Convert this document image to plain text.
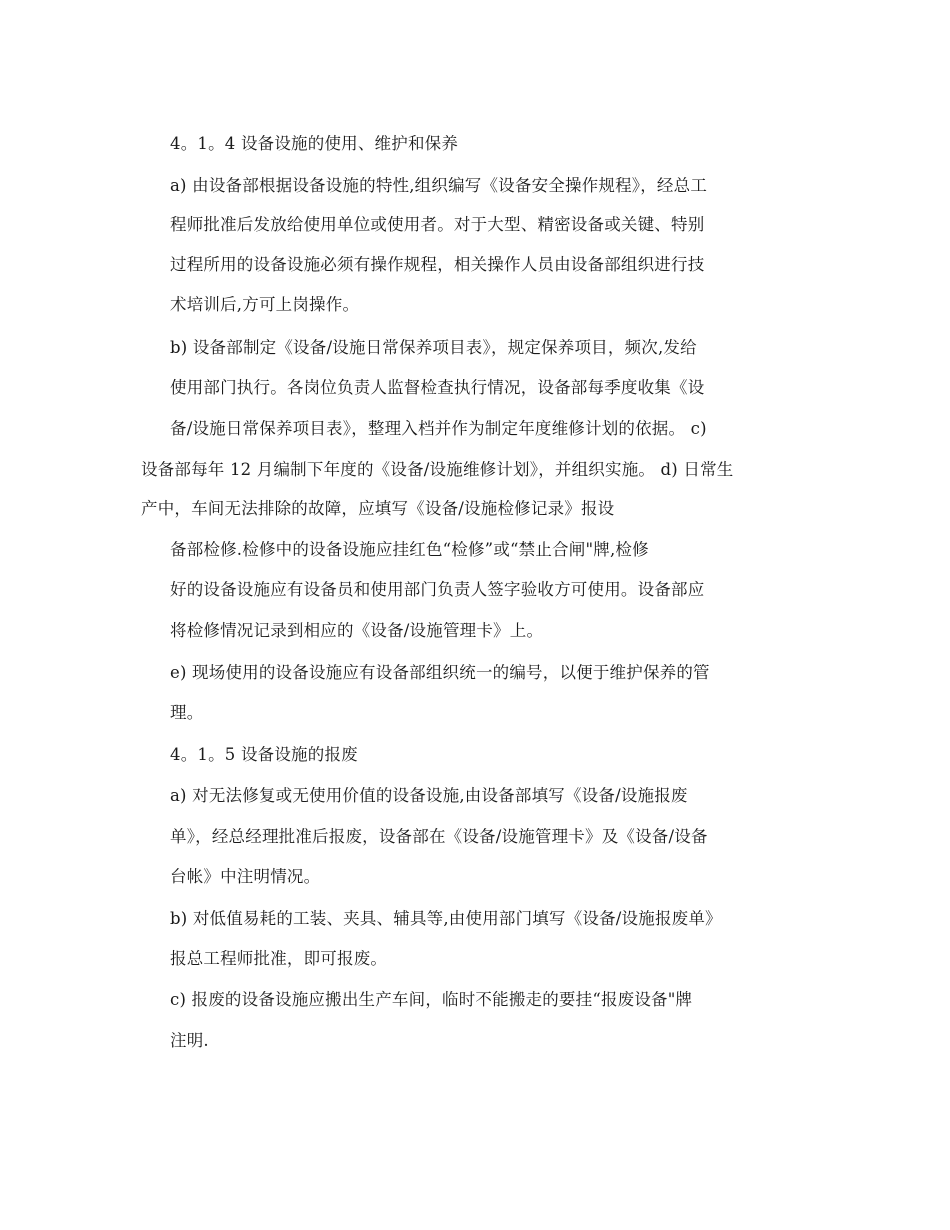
4。1。4 设备设施的使用、维护和保养
a) 由设备部根据设备设施的特性,组织编写《设备安全操作规程》，经总工
程师批准后发放给使用单位或使用者。对于大型、精密设备或关键、特别
过程所用的设备设施必须有操作规程，相关操作人员由设备部组织进行技
术培训后,方可上岗操作。
b) 设备部制定《设备/设施日常保养项目表》，规定保养项目，频次,发给
使用部门执行。各岗位负责人监督检查执行情况，设备部每季度收集《设
备/设施日常保养项目表》，整理入档并作为制定年度维修计划的依据。 c)
设备部每年 12 月编制下年度的《设备/设施维修计划》，并组织实施。 d) 日常生
产中，车间无法排除的故障，应填写《设备/设施检修记录》报设
备部检修.检修中的设备设施应挂红色“检修”或“禁止合闸"牌,检修
好的设备设施应有设备员和使用部门负责人签字验收方可使用。设备部应
将检修情况记录到相应的《设备/设施管理卡》上。
e) 现场使用的设备设施应有设备部组织统一的编号，以便于维护保养的管
理。
4。1。5 设备设施的报废
a) 对无法修复或无使用价值的设备设施,由设备部填写《设备/设施报废
单》，经总经理批准后报废，设备部在《设备/设施管理卡》及《设备/设备
台帐》中注明情况。
b) 对低值易耗的工装、夹具、辅具等,由使用部门填写《设备/设施报废单》
报总工程师批准，即可报废。
c) 报废的设备设施应搬出生产车间，临时不能搬走的要挂“报废设备"牌
注明.
